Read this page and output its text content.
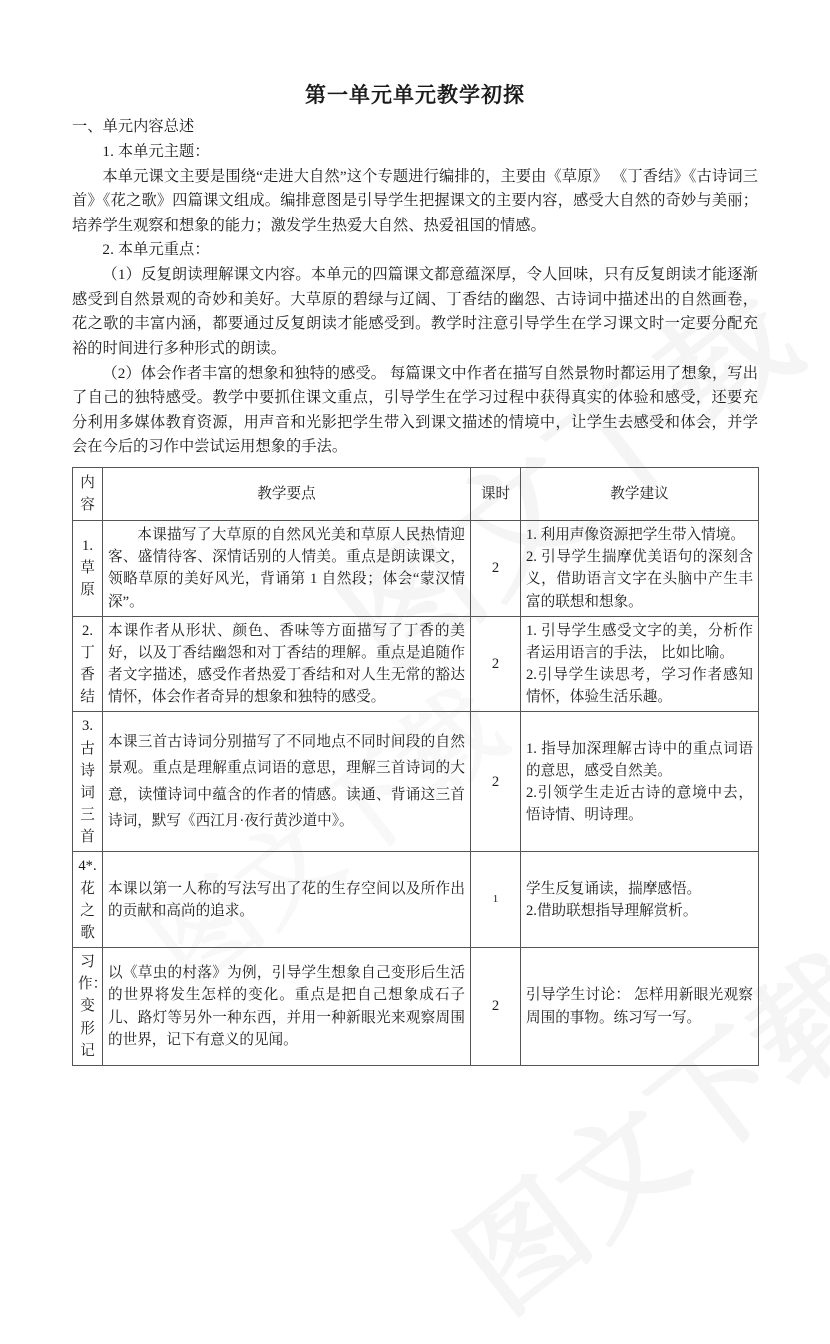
第一单元单元教学初探

一、单元内容总述

1. 本单元主题：

本单元课文主要是围绕“走进大自然”这个专题进行编排的，主要由《草原》 《丁香结》《古诗词三首》《花之歌》四篇课文组成。编排意图是引导学生把握课文的主要内容，感受大自然的奇妙与美丽；培养学生观察和想象的能力；激发学生热爱大自然、热爱祖国的情感。

2. 本单元重点：

（1）反复朗读理解课文内容。本单元的四篇课文都意蕴深厚，令人回味，只有反复朗读才能逐渐感受到自然景观的奇妙和美好。大草原的碧绿与辽阔、丁香结的幽怨、古诗词中描述出的自然画卷，花之歌的丰富内涵，都要通过反复朗读才能感受到。教学时注意引导学生在学习课文时一定要分配充裕的时间进行多种形式的朗读。

（2）体会作者丰富的想象和独特的感受。 每篇课文中作者在描写自然景物时都运用了想象，写出了自己的独特感受。教学中要抓住课文重点，引导学生在学习过程中获得真实的体验和感受，还要充分利用多媒体教育资源，用声音和光影把学生带入到课文描述的情境中，让学生去感受和体会，并学会在今后的习作中尝试运用想象的手法。

内容	教学要点	课时	教学建议
1.草原	本课描写了大草原的自然风光美和草原人民热情迎客、盛情待客、深情话别的人情美。重点是朗读课文，领略草原的美好风光，背诵第 1 自然段；体会“蒙汉情深”。	2	1. 利用声像资源把学生带入情境。
2. 引导学生揣摩优美语句的深刻含义，借助语言文字在头脑中产生丰富的联想和想象。

2.丁香结	本课作者从形状、颜色、香味等方面描写了丁香的美好，以及丁香结幽怨和对丁香结的理解。重点是追随作者文字描述，感受作者热爱丁香结和对人生无常的豁达情怀，体会作者奇异的想象和独特的感受。	2	1. 引导学生感受文字的美，分析作者运用语言的手法， 比如比喻。
2.引导学生读思考，学习作者感知情怀，体验生活乐趣。

3.古诗词三首	本课三首古诗词分别描写了不同地点不同时间段的自然景观。重点是理解重点词语的意思，理解三首诗词的大意，读懂诗词中蕴含的作者的情感。读通、背诵这三首诗词，默写《西江月·夜行黄沙道中》。	2	1. 指导加深理解古诗中的重点词语的意思，感受自然美。
2.引领学生走近古诗的意境中去，悟诗情、明诗理。

4*.花之歌	本课以第一人称的写法写出了花的生存空间以及所作出的贡献和高尚的追求。	1	学生反复诵读，揣摩感悟。
2.借助联想指导理解赏析。

习作：变形记	以《草虫的村落》为例，引导学生想象自己变形后生活的世界将发生怎样的变化。重点是把自己想象成石子儿、路灯等另外一种东西，并用一种新眼光来观察周围的世界，记下有意义的见闻。	2	引导学生讨论： 怎样用新眼光观察周围的事物。练习写一写。
